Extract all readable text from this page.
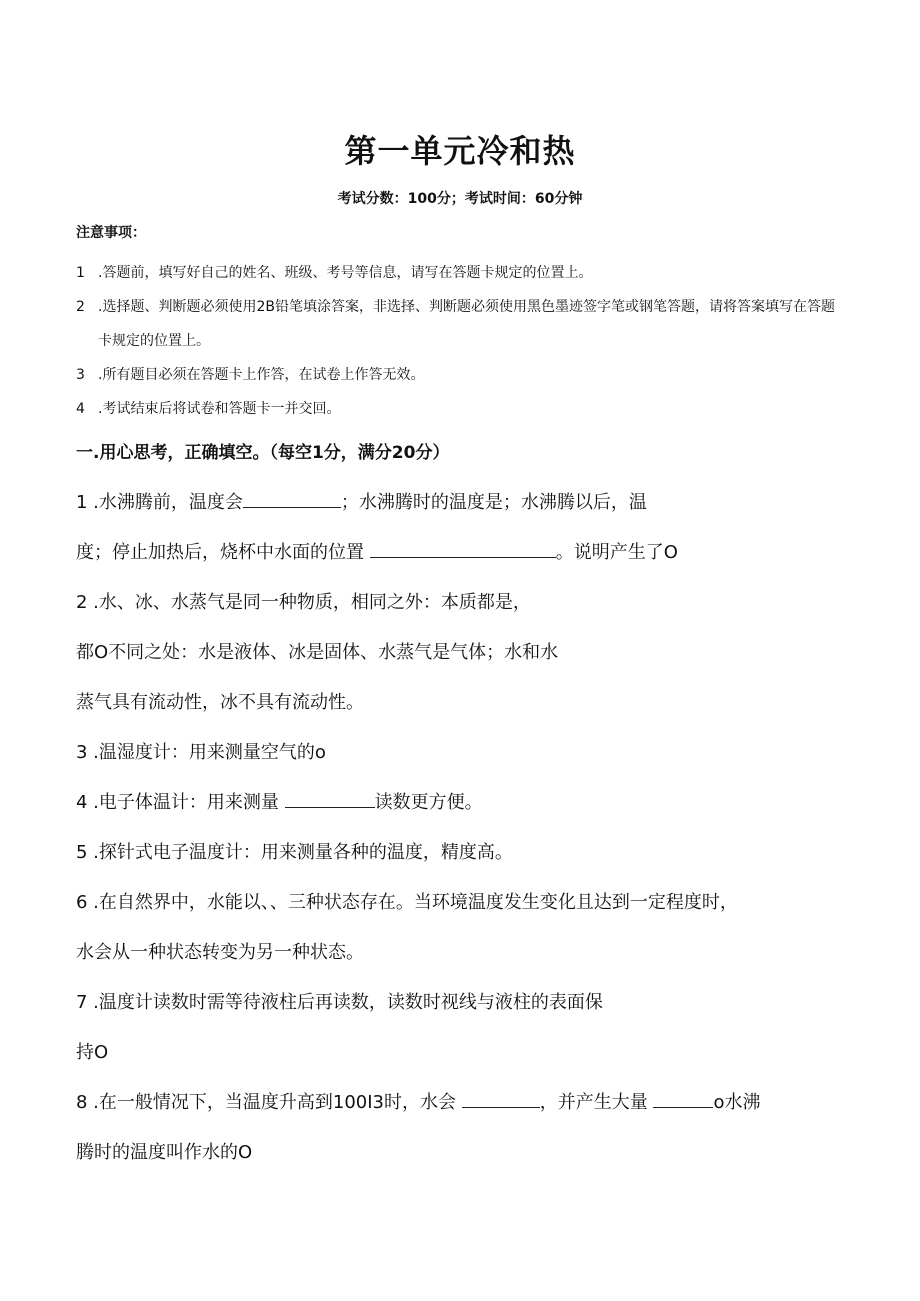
第一单元冷和热
考试分数：100分；考试时间：60分钟
注意事项：
1 .答题前，填写好自己的姓名、班级、考号等信息，请写在答题卡规定的位置上。
2 .选择题、判断题必须使用2B铅笔填涂答案，非选择、判断题必须使用黑色墨迹签字笔或钢笔答题，请将答案填写在答题卡规定的位置上。
3 .所有题目必须在答题卡上作答，在试卷上作答无效。
4 .考试结束后将试卷和答题卡一并交回。
一.用心思考，正确填空。（每空1分，满分20分）
1 .水沸腾前，温度会	；水沸腾时的温度是；水沸腾以后，温
度；停止加热后，烧杯中水面的位置	。说明产生了O
2 .水、冰、水蒸气是同一种物质，相同之外：本质都是，
都O不同之处：水是液体、冰是固体、水蒸气是气体；水和水
蒸气具有流动性，冰不具有流动性。
3 .温湿度计：用来测量空气的o
4 .电子体温计：用来测量	读数更方便。
5 .探针式电子温度计：用来测量各种的温度，精度高。
6 .在自然界中，水能以、、三种状态存在。当环境温度发生变化且达到一定程度时，
水会从一种状态转变为另一种状态。
7 .温度计读数时需等待液柱后再读数，读数时视线与液柱的表面保
持O
8 .在一般情况下，当温度升高到100I3时，水会	，并产生大量	o水沸
腾时的温度叫作水的O
